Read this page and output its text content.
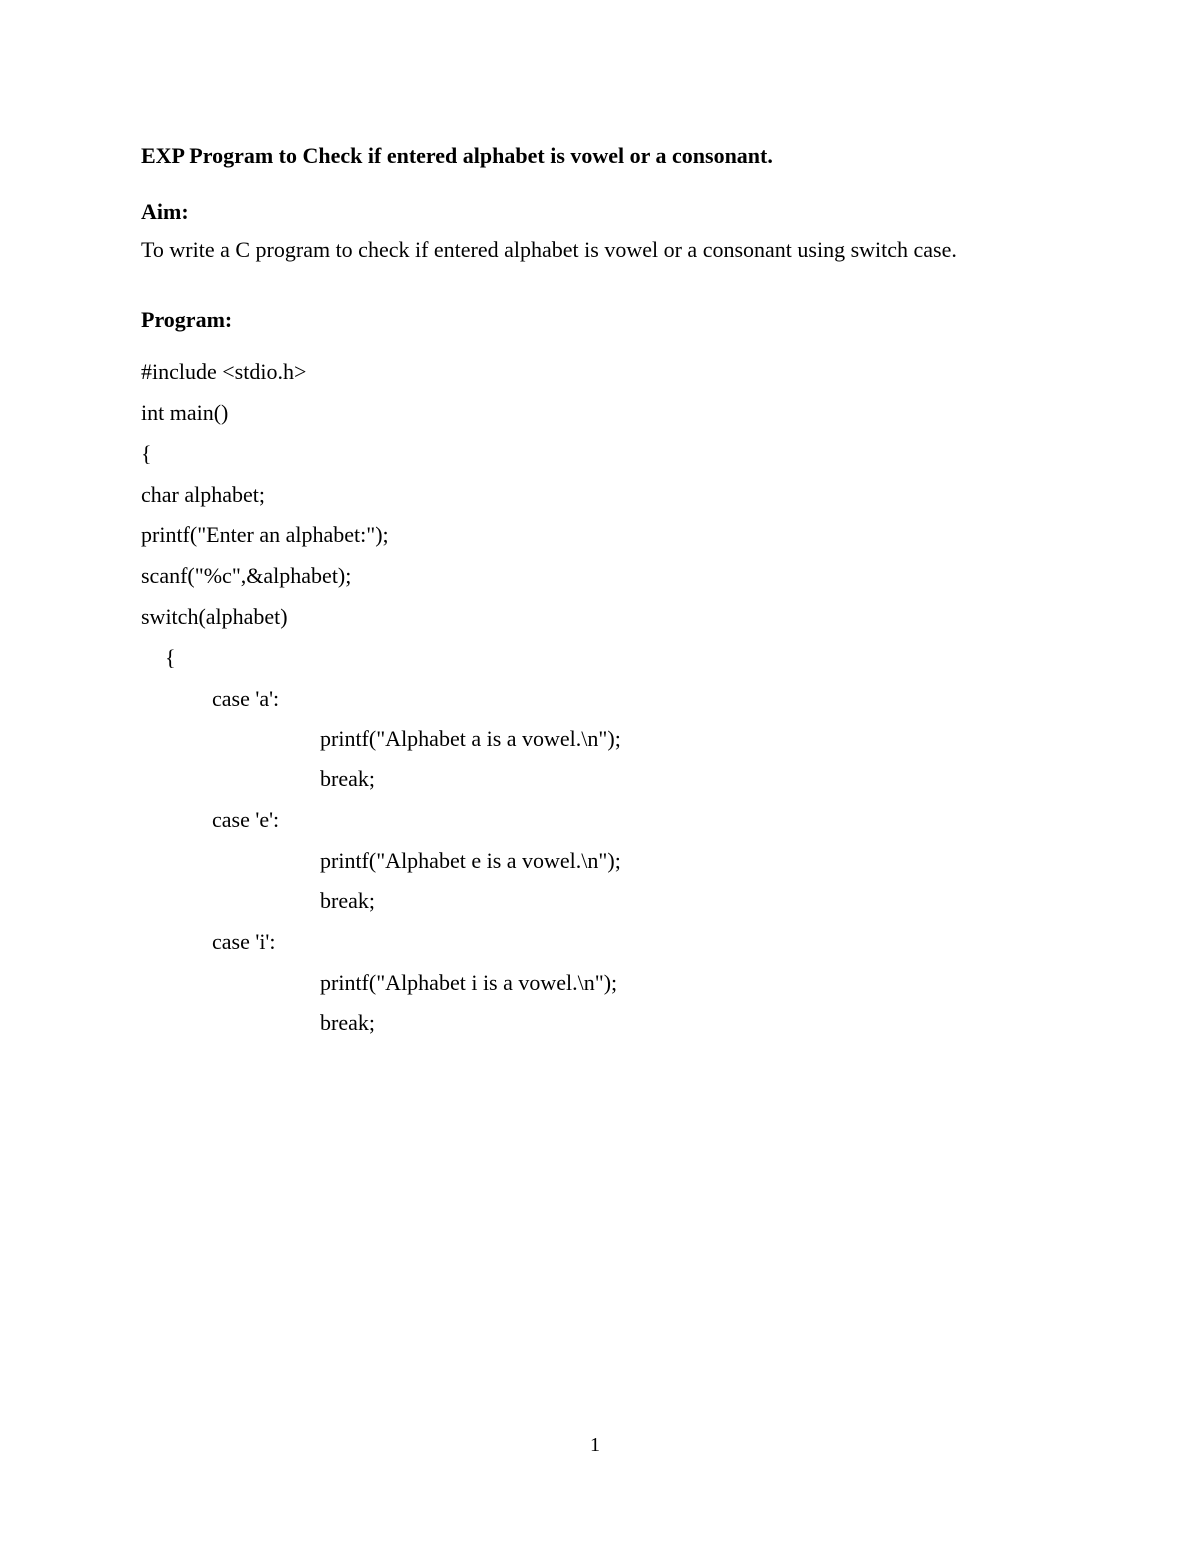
EXP Program to Check if entered alphabet is vowel or a consonant.
Aim:
To write a C program to check if entered alphabet is vowel or a consonant using switch case.
Program:
#include <stdio.h>
int main()
{
char alphabet;
printf("Enter an alphabet:");
scanf("%c",&alphabet);
switch(alphabet)
{
case 'a':
printf("Alphabet a is a vowel.\n");
break;
case 'e':
printf("Alphabet e is a vowel.\n");
break;
case 'i':
printf("Alphabet i is a vowel.\n");
break;
1
